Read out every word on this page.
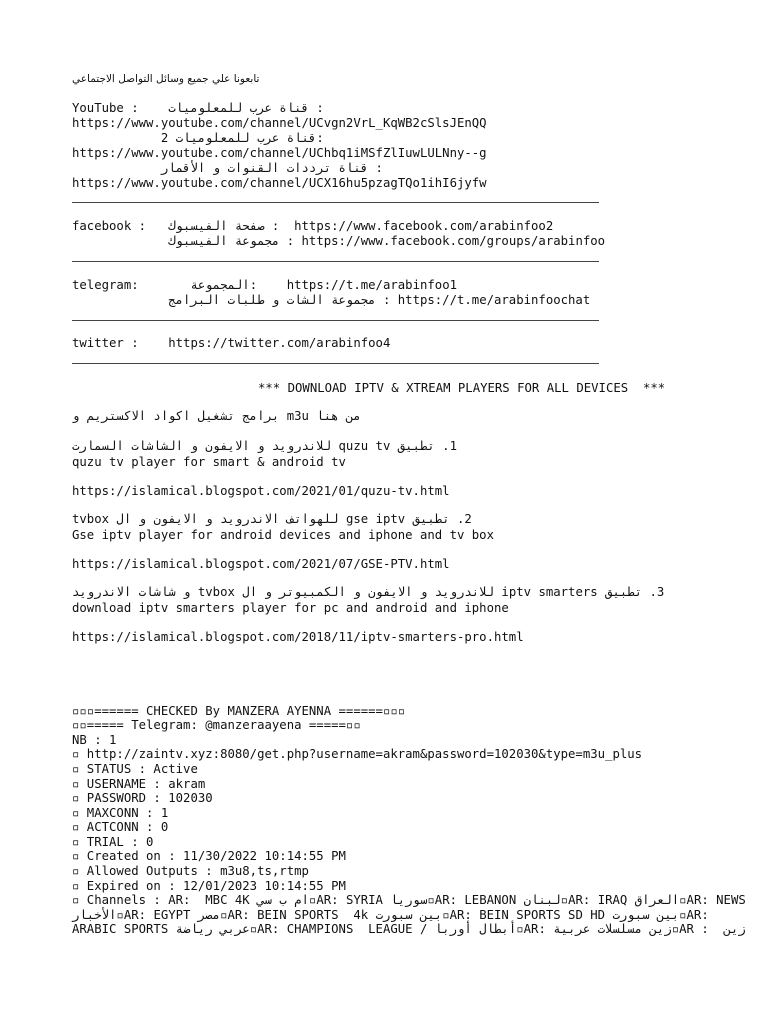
تابعونا علي جميع وسائل التواصل الاجتماعي
YouTube :    قناة عرب للمعلوميات :
https://www.youtube.com/channel/UCvgn2VrL_KqWB2cSlsJEnQQ
قناة عرب للمعلوميات 2:
https://www.youtube.com/channel/UChbq1iMSfZlIuwLULNny--g
قناة ترددات القنوات و الأقمار :
https://www.youtube.com/channel/UCX16hu5pzagTQo1ihI6jyfw
facebook :   صفحة الفيسبوك :  https://www.facebook.com/arabinfoo2
مجموعة الفيسبوك : https://www.facebook.com/groups/arabinfoo
telegram:       المجموعة:    https://t.me/arabinfoo1
مجموعة الشات و طلبات البرامج : https://t.me/arabinfoochat
twitter :    https://twitter.com/arabinfoo4
*** DOWNLOAD IPTV & XTREAM PLAYERS FOR ALL DEVICES  ***
من هنا m3u برامج تشغيل اكواد الاكستريم و
1. تطبيق quzu tv للاندرويد و الايفون و الشاشات السمارت
quzu tv player for smart & android tv
https://islamical.blogspot.com/2021/01/quzu-tv.html
2. تطبيق gse iptv للهواتف الاندرويد و الايفون و ال tvbox
Gse iptv player for android devices and iphone and tv box
https://islamical.blogspot.com/2021/07/GSE-PTV.html
3. تطبيق iptv smarters للاندرويد و الايفون و الكمبيوتر و ال tvbox و شاشات الاندرويد
download iptv smarters player for pc and android and iphone
https://islamical.blogspot.com/2018/11/iptv-smarters-pro.html
▫▫▫====== CHECKED By MANZERA AYENNA ======▫▫▫
▫▫===== Telegram: @manzeraayena =====▫▫
NB : 1
▫ http://zaintv.xyz:8080/get.php?username=akram&password=102030&type=m3u_plus
▫ STATUS : Active
▫ USERNAME : akram
▫ PASSWORD : 102030
▫ MAXCONN : 1
▫ ACTCONN : 0
▫ TRIAL : 0
▫ Created on : 11/30/2022 10:14:55 PM
▫ Allowed Outputs : m3u8,ts,rtmp
▫ Expired on : 12/01/2023 10:14:55 PM
▫ Channels : AR:  MBC 4K ام ب سي▫AR: SYRIA سوريا▫AR: LEBANON لبنان▫AR: IRAQ العراق▫AR: NEWS
الأخبار▫AR: EGYPT مصر▫AR: BEIN SPORTS  4k بين سبورت▫AR: BEIN SPORTS SD HD بين سبورت▫AR:
ARABIC SPORTS عربي رياضة▫AR: CHAMPIONS  LEAGUE / أبطال أوربا▫AR: زين مسلسلات عربية▫AR :  زين
